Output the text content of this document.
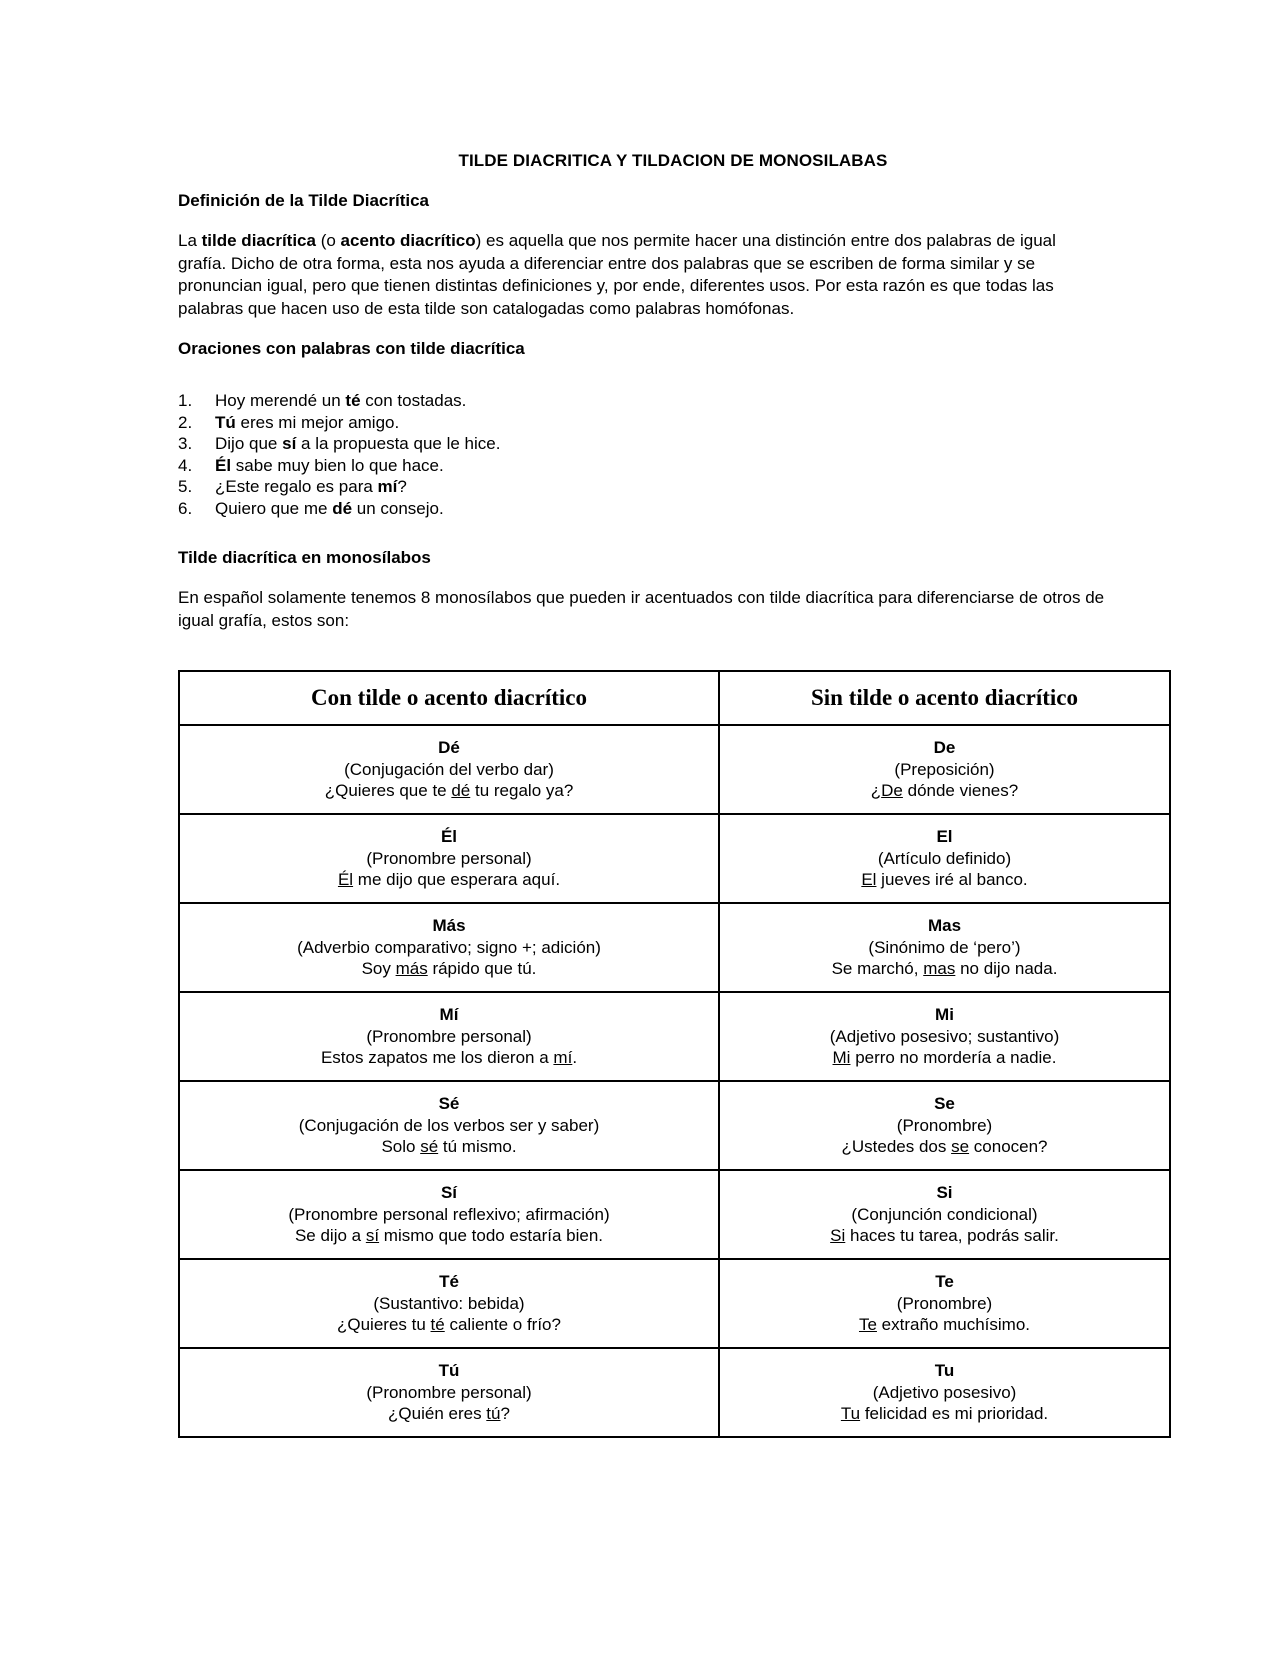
TILDE DIACRITICA Y TILDACION DE MONOSILABAS
Definición de la Tilde Diacrítica

La tilde diacrítica (o acento diacrítico) es aquella que nos permite hacer una distinción entre dos palabras de igual grafía. Dicho de otra forma, esta nos ayuda a diferenciar entre dos palabras que se escriben de forma similar y se pronuncian igual, pero que tienen distintas definiciones y, por ende, diferentes usos. Por esta razón es que todas las palabras que hacen uso de esta tilde son catalogadas como palabras homófonas.

Oraciones con palabras con tilde diacrítica
1.	Hoy merendé un té con tostadas.
2.	Tú eres mi mejor amigo.
3.	Dijo que sí a la propuesta que le hice.
4.	Él sabe muy bien lo que hace.
5.	¿Este regalo es para mí?
6.	Quiero que me dé un consejo.
Tilde diacrítica en monosílabos

En español solamente tenemos 8 monosílabos que pueden ir acentuados con tilde diacrítica para diferenciarse de otros de igual grafía, estos son:

Con tilde o acento diacrítico	Sin tilde o acento diacrítico

Dé
(Conjugación del verbo dar)
¿Quieres que te dé tu regalo ya?	De
(Preposición)
¿De dónde vienes?

Él
(Pronombre personal)
Él me dijo que esperara aquí.	El
(Artículo definido)
El jueves iré al banco.

Más
(Adverbio comparativo; signo +; adición)
Soy más rápido que tú.	Mas
(Sinónimo de ‘pero’)
Se marchó, mas no dijo nada.

Mí
(Pronombre personal)
Estos zapatos me los dieron a mí.	Mi
(Adjetivo posesivo; sustantivo)
Mi perro no mordería a nadie.

Sé
(Conjugación de los verbos ser y saber)
Solo sé tú mismo.	Se
(Pronombre)
¿Ustedes dos se conocen?

Sí
(Pronombre personal reflexivo; afirmación)
Se dijo a sí mismo que todo estaría bien.	Si
(Conjunción condicional)
Si haces tu tarea, podrás salir.

Té
(Sustantivo: bebida)
¿Quieres tu té caliente o frío?	Te
(Pronombre)
Te extraño muchísimo.

Tú
(Pronombre personal)
¿Quién eres tú?	Tu
(Adjetivo posesivo)
Tu felicidad es mi prioridad.
